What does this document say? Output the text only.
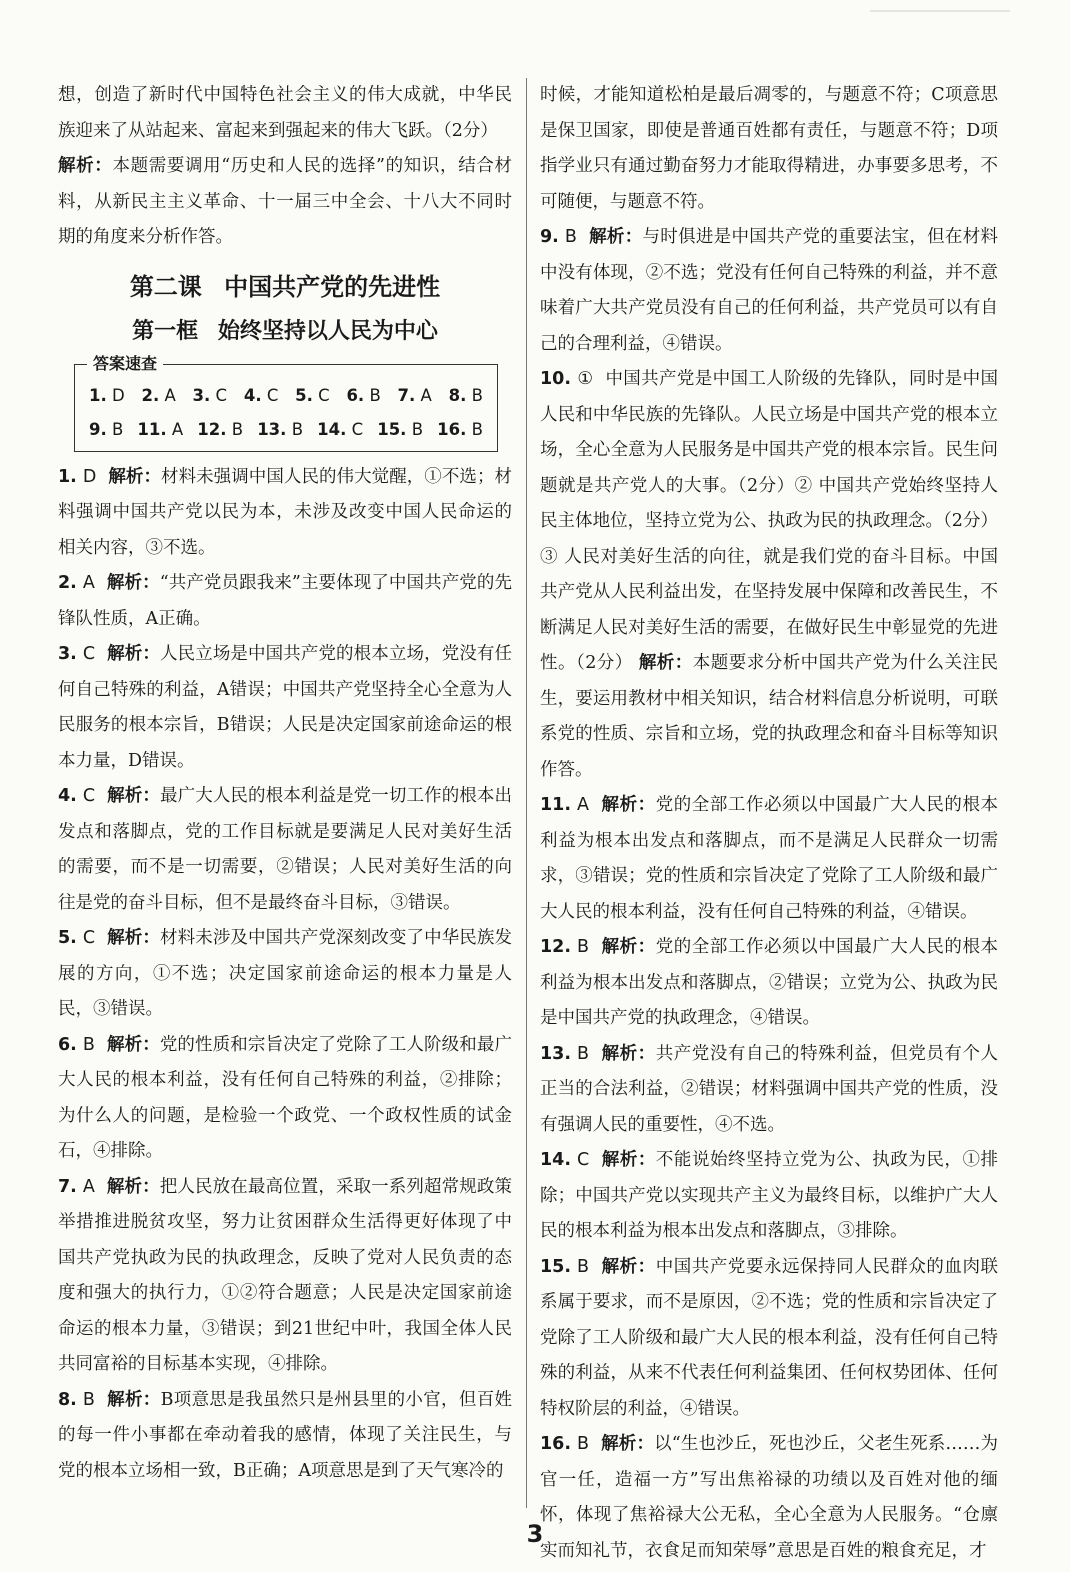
想，创造了新时代中国特色社会主义的伟大成就，中华民族迎来了从站起来、富起来到强起来的伟大飞跃。（2分）

解析：本题需要调用“历史和人民的选择”的知识，结合材料，从新民主主义革命、十一届三中全会、十八大不同时期的角度来分析作答。

第二课 中国共产党的先进性
第一框 始终坚持以人民为中心
答案速查
1. D 2. A 3. C 4. C 5. C 6. B 7. A 8. B
9. B 11. A 12. B 13. B 14. C 15. B 16. B

1. D 解析：材料未强调中国人民的伟大觉醒，①不选；材料强调中国共产党以民为本，未涉及改变中国人民命运的相关内容，③不选。

2. A 解析：“共产党员跟我来”主要体现了中国共产党的先锋队性质，A正确。

3. C 解析：人民立场是中国共产党的根本立场，党没有任何自己特殊的利益，A错误；中国共产党坚持全心全意为人民服务的根本宗旨，B错误；人民是决定国家前途命运的根本力量，D错误。

4. C 解析：最广大人民的根本利益是党一切工作的根本出发点和落脚点，党的工作目标就是要满足人民对美好生活的需要，而不是一切需要，②错误；人民对美好生活的向往是党的奋斗目标，但不是最终奋斗目标，③错误。

5. C 解析：材料未涉及中国共产党深刻改变了中华民族发展的方向，①不选；决定国家前途命运的根本力量是人民，③错误。

6. B 解析：党的性质和宗旨决定了党除了工人阶级和最广大人民的根本利益，没有任何自己特殊的利益，②排除；为什么人的问题，是检验一个政党、一个政权性质的试金石，④排除。

7. A 解析：把人民放在最高位置，采取一系列超常规政策举措推进脱贫攻坚，努力让贫困群众生活得更好体现了中国共产党执政为民的执政理念，反映了党对人民负责的态度和强大的执行力，①②符合题意；人民是决定国家前途命运的根本力量，③错误；到21世纪中叶，我国全体人民共同富裕的目标基本实现，④排除。

8. B 解析：B项意思是我虽然只是州县里的小官，但百姓的每一件小事都在牵动着我的感情，体现了关注民生，与党的根本立场相一致，B正确；A项意思是到了天气寒冷的

时候，才能知道松柏是最后凋零的，与题意不符；C项意思是保卫国家，即使是普通百姓都有责任，与题意不符；D项指学业只有通过勤奋努力才能取得精进，办事要多思考，不可随便，与题意不符。

9. B 解析：与时俱进是中国共产党的重要法宝，但在材料中没有体现，②不选；党没有任何自己特殊的利益，并不意味着广大共产党员没有自己的任何利益，共产党员可以有自己的合理利益，④错误。

10. ① 中国共产党是中国工人阶级的先锋队，同时是中国人民和中华民族的先锋队。人民立场是中国共产党的根本立场，全心全意为人民服务是中国共产党的根本宗旨。民生问题就是共产党人的大事。（2分）② 中国共产党始终坚持人民主体地位，坚持立党为公、执政为民的执政理念。（2分）③ 人民对美好生活的向往，就是我们党的奋斗目标。中国共产党从人民利益出发，在坚持发展中保障和改善民生，不断满足人民对美好生活的需要，在做好民生中彰显党的先进性。（2分） 解析：本题要求分析中国共产党为什么关注民生，要运用教材中相关知识，结合材料信息分析说明，可联系党的性质、宗旨和立场，党的执政理念和奋斗目标等知识作答。

11. A 解析：党的全部工作必须以中国最广大人民的根本利益为根本出发点和落脚点，而不是满足人民群众一切需求，③错误；党的性质和宗旨决定了党除了工人阶级和最广大人民的根本利益，没有任何自己特殊的利益，④错误。

12. B 解析：党的全部工作必须以中国最广大人民的根本利益为根本出发点和落脚点，②错误；立党为公、执政为民是中国共产党的执政理念，④错误。

13. B 解析：共产党没有自己的特殊利益，但党员有个人正当的合法利益，②错误；材料强调中国共产党的性质，没有强调人民的重要性，④不选。

14. C 解析：不能说始终坚持立党为公、执政为民，①排除；中国共产党以实现共产主义为最终目标，以维护广大人民的根本利益为根本出发点和落脚点，③排除。

15. B 解析：中国共产党要永远保持同人民群众的血肉联系属于要求，而不是原因，②不选；党的性质和宗旨决定了党除了工人阶级和最广大人民的根本利益，没有任何自己特殊的利益，从来不代表任何利益集团、任何权势团体、任何特权阶层的利益，④错误。

16. B 解析：以“生也沙丘，死也沙丘，父老生死系……为官一任，造福一方”写出焦裕禄的功绩以及百姓对他的缅怀，体现了焦裕禄大公无私，全心全意为人民服务。“仓廪实而知礼节，衣食足而知荣辱”意思是百姓的粮食充足，才

3
